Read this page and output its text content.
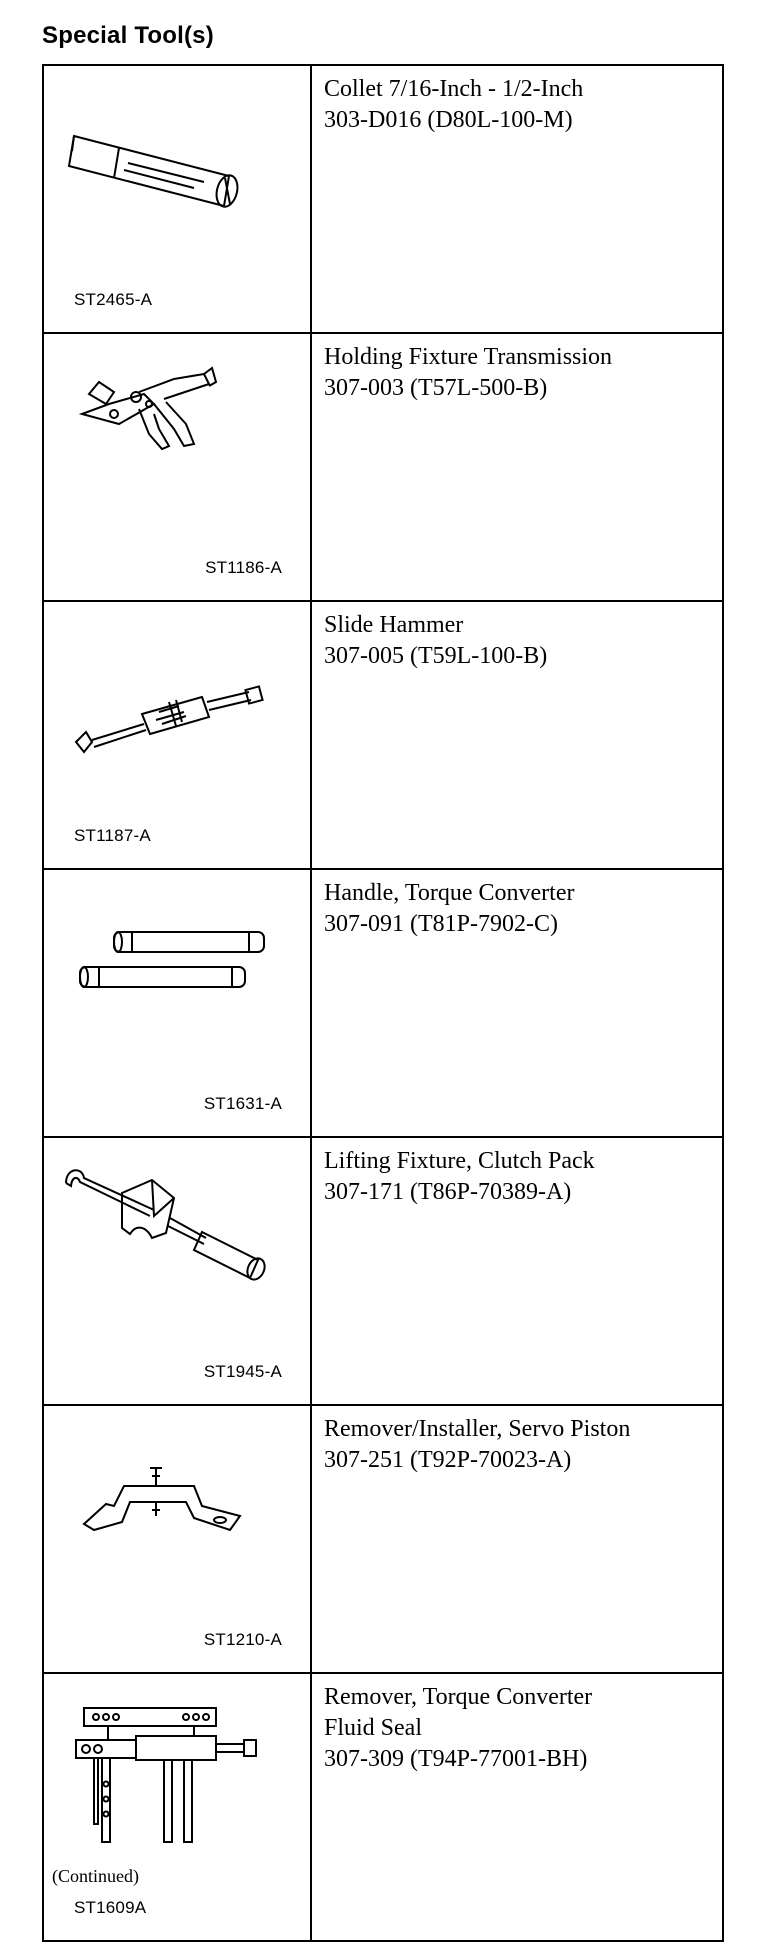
Special Tool(s)
ST2465-A	Collet 7/16-Inch - 1/2-Inch
303-D016 (D80L-100-M)

ST1186-A	Holding Fixture Transmission
307-003 (T57L-500-B)

ST1187-A	Slide Hammer
307-005 (T59L-100-B)

ST1631-A	Handle, Torque Converter
307-091 (T81P-7902-C)

ST1945-A	Lifting Fixture, Clutch Pack
307-171 (T86P-70389-A)

ST1210-A	Remover/Installer, Servo Piston
307-251 (T92P-70023-A)

ST1609A	Remover, Torque Converter
Fluid Seal
307-309 (T94P-77001-BH)
(Continued)
